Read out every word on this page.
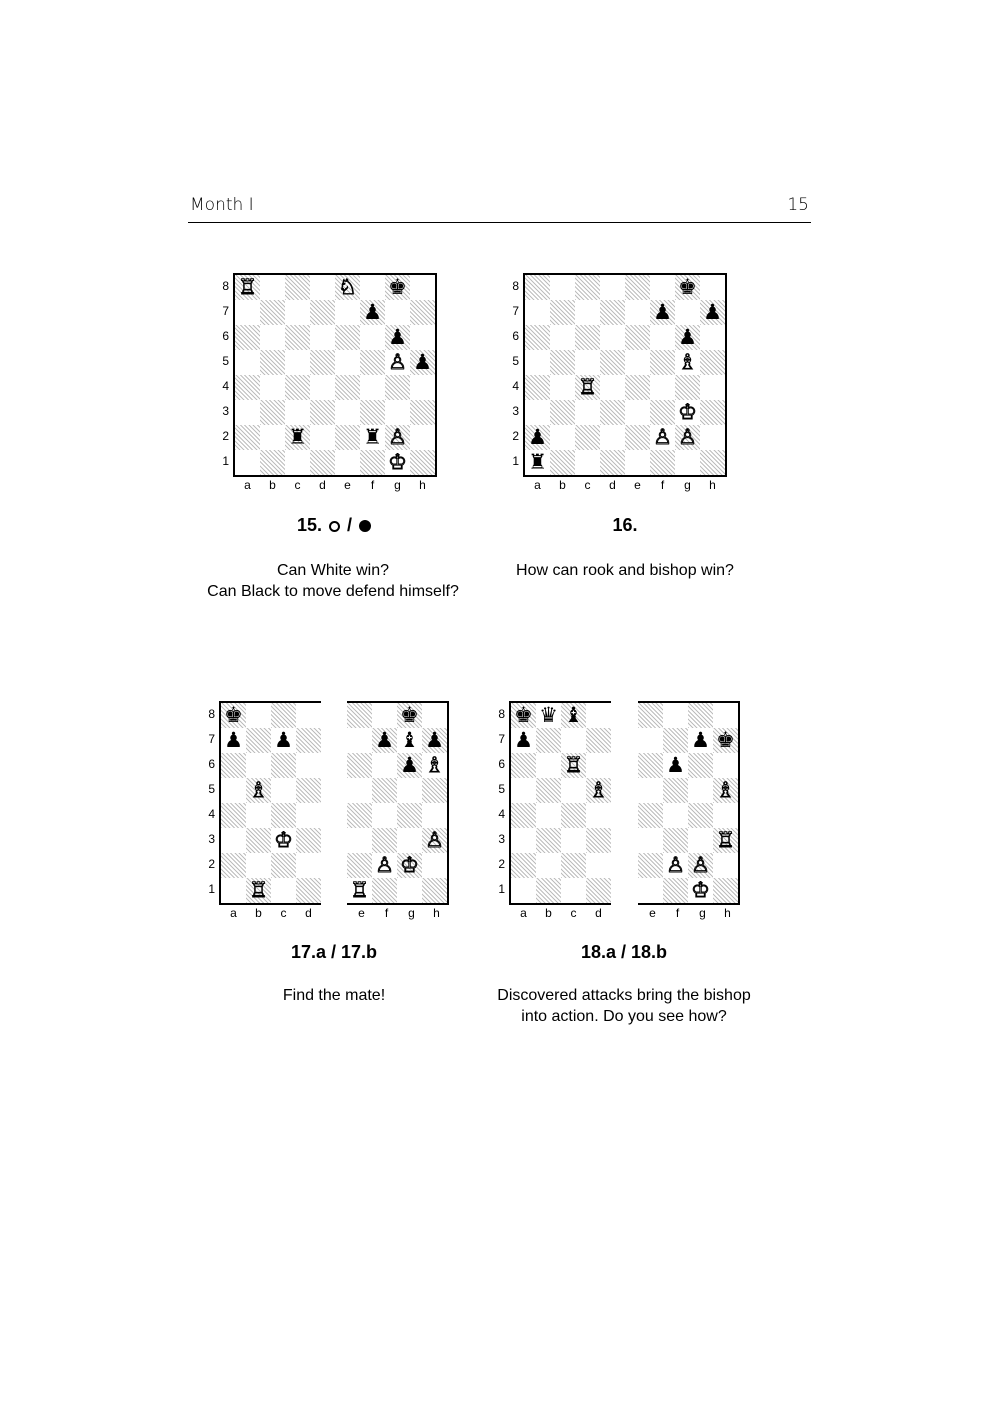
Month I	15
♖	♘ ♚
♟
♟
♙ ♟
♜	♜ ♙
♔
8
7
6
5
4
3
2
1
a	b	c	d	e	f	g	h
♚
♟ ♟
♟
♗
♖
♔
♟	♙ ♙
♜
8
7
6
5
4
3
2
1
a	b	c	d	e	f	g	h
♚
♟ ♟
♗
♔
♖
8
7
6
5
4
3
2
1
a	b	c	d
♚
♟ ♝ ♟
♟ ♗
♙
♙ ♔
♖
e	f	g	h
♚ ♛ ♝
♟
♖
♗
8
7
6
5
4
3
2
1
a	b	c	d
♟ ♚
♟
♗
♖
♙ ♙
♔
e	f	g	h
15. /
Can White win?
Can Black to move defend himself?
16.
How can rook and bishop win?
17.a / 17.b
Find the mate!
18.a / 18.b
Discovered attacks bring the bishop
into action. Do you see how?
